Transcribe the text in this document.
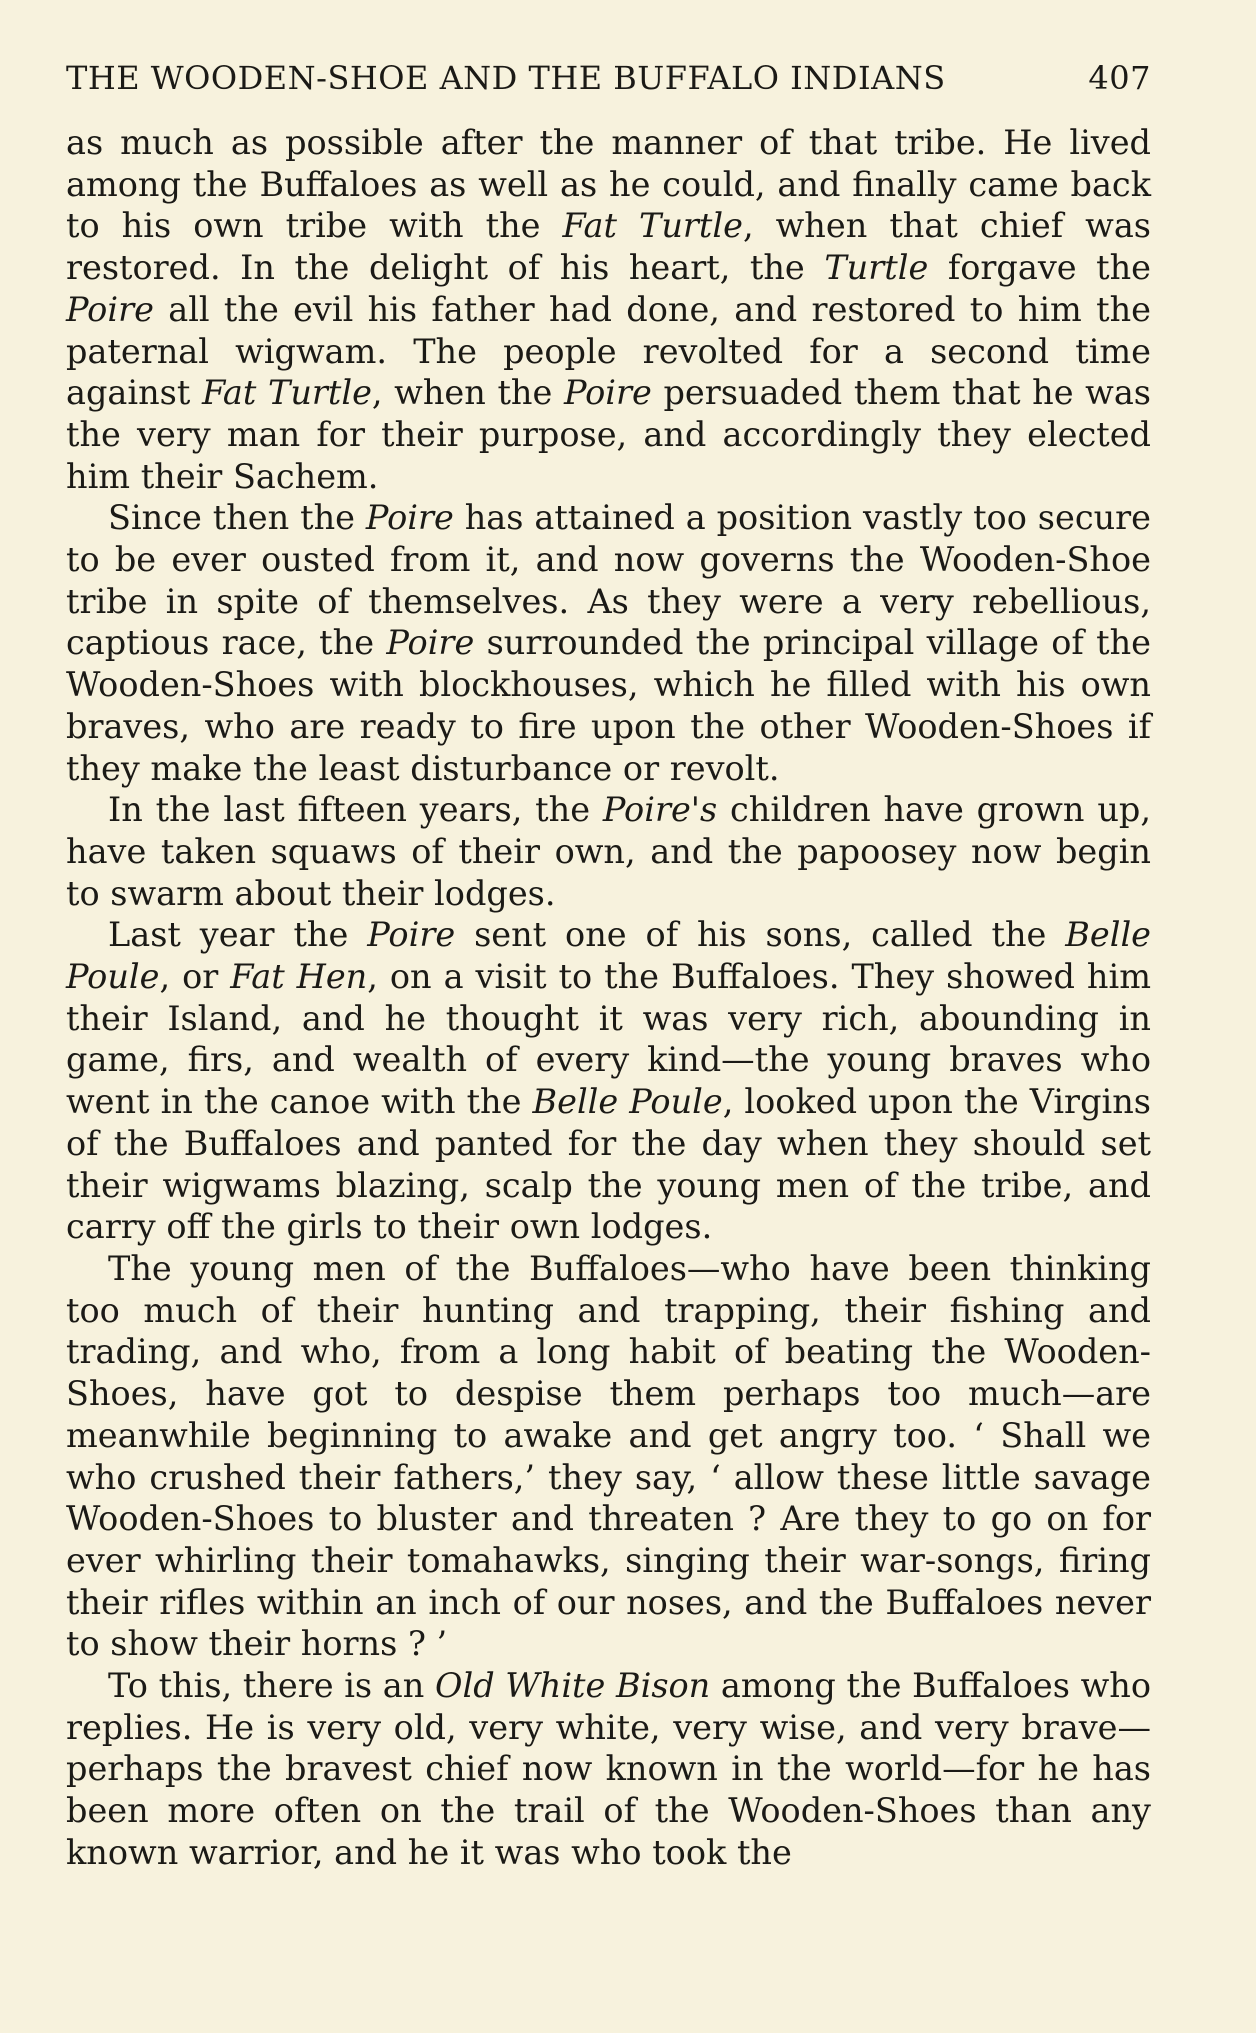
THE WOODEN-SHOE AND THE BUFFALO INDIANS	407

as much as possible after the manner of that tribe. He lived among the Buffaloes as well as he could, and finally came back to his own tribe with the Fat Turtle, when that chief was restored. In the delight of his heart, the Turtle forgave the Poire all the evil his father had done, and restored to him the paternal wigwam. The people revolted for a second time against Fat Turtle, when the Poire persuaded them that he was the very man for their purpose, and accordingly they elected him their Sachem.

Since then the Poire has attained a position vastly too secure to be ever ousted from it, and now governs the Wooden-Shoe tribe in spite of themselves. As they were a very rebellious, captious race, the Poire surrounded the principal village of the Wooden-Shoes with blockhouses, which he filled with his own braves, who are ready to fire upon the other Wooden-Shoes if they make the least disturbance or revolt.

In the last fifteen years, the Poire's children have grown up, have taken squaws of their own, and the papoosey now begin to swarm about their lodges.

Last year the Poire sent one of his sons, called the Belle Poule, or Fat Hen, on a visit to the Buffaloes. They showed him their Island, and he thought it was very rich, abounding in game, firs, and wealth of every kind—the young braves who went in the canoe with the Belle Poule, looked upon the Virgins of the Buffaloes and panted for the day when they should set their wigwams blazing, scalp the young men of the tribe, and carry off the girls to their own lodges.

The young men of the Buffaloes—who have been thinking too much of their hunting and trapping, their fishing and trading, and who, from a long habit of beating the Wooden-Shoes, have got to despise them perhaps too much—are meanwhile beginning to awake and get angry too. ‘ Shall we who crushed their fathers,’ they say, ‘ allow these little savage Wooden-Shoes to bluster and threaten ? Are they to go on for ever whirling their tomahawks, singing their war-songs, firing their rifles within an inch of our noses, and the Buffaloes never to show their horns ? ’

To this, there is an Old White Bison among the Buffaloes who replies. He is very old, very white, very wise, and very brave—perhaps the bravest chief now known in the world—for he has been more often on the trail of the Wooden-Shoes than any known warrior, and he it was who took the
